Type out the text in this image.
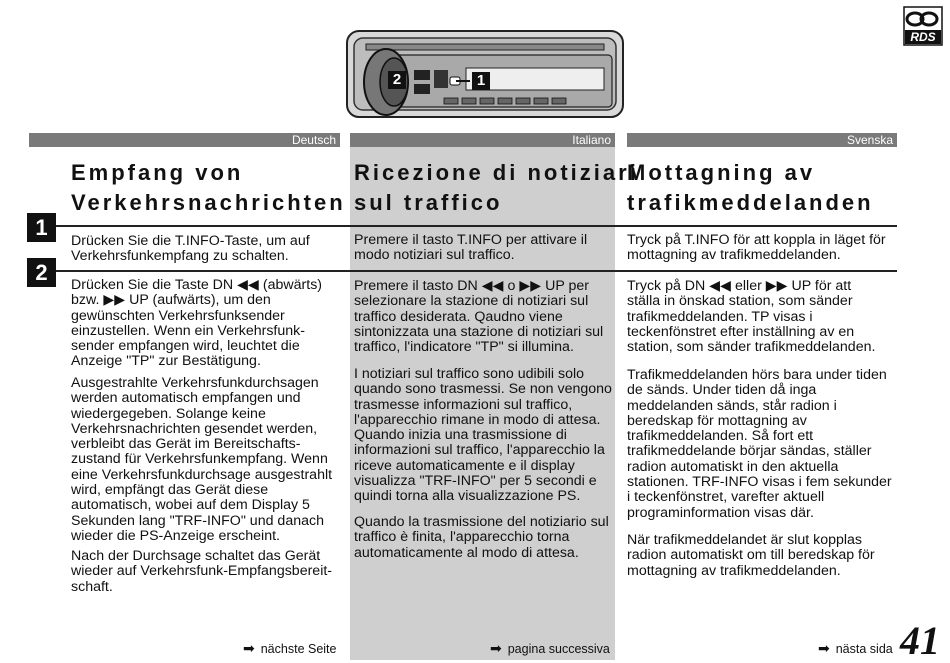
RDS
2	1
Deutsch	Italiano	Svenska
Empfang von
Verkehrsnachrichten
Ricezione di notiziari
sul traffico
Mottagning av
trafikmeddelanden
1
2
Drücken Sie die T.INFO-Taste, um auf
Verkehrsfunkempfang zu schalten.
Drücken Sie die Taste DN ◀◀ (abwärts)
bzw. ▶▶ UP (aufwärts), um den
gewünschten Verkehrsfunksender
einzustellen. Wenn ein Verkehrsfunk-
sender empfangen wird, leuchtet die
Anzeige "TP" zur Bestätigung.
Ausgestrahlte Verkehrsfunkdurchsagen
werden automatisch empfangen und
wiedergegeben. Solange keine
Verkehrsnachrichten gesendet werden,
verbleibt das Gerät im Bereitschafts-
zustand für Verkehrsfunkempfang. Wenn
eine Verkehrsfunkdurchsage ausgestrahlt
wird, empfängt das Gerät diese
automatisch, wobei auf dem Display 5
Sekunden lang "TRF-INFO" und danach
wieder die PS-Anzeige erscheint.
Nach der Durchsage schaltet das Gerät
wieder auf Verkehrsfunk-Empfangsbereit-
schaft.
Premere il tasto T.INFO per attivare il
modo notiziari sul traffico.
Premere il tasto DN ◀◀ o ▶▶ UP per
selezionare la stazione di notiziari sul
traffico desiderata. Qaudno viene
sintonizzata una stazione di notiziari sul
traffico, l'indicatore "TP" si illumina.
I notiziari sul traffico sono udibili solo
quando sono trasmessi. Se non vengono
trasmesse informazioni sul traffico,
l'apparecchio rimane in modo di attesa.
Quando inizia una trasmissione di
informazioni sul traffico, l'apparecchio la
riceve automaticamente e il display
visualizza "TRF-INFO" per 5 secondi e
quindi torna alla visualizzazione PS.
Quando la trasmissione del notiziario sul
traffico è finita, l'apparecchio torna
automaticamente al modo di attesa.
Tryck på T.INFO för att koppla in läget för
mottagning av trafikmeddelanden.
Tryck på DN ◀◀ eller ▶▶ UP för att
ställa in önskad station, som sänder
trafikmeddelanden. TP visas i
teckenfönstret efter inställning av en
station, som sänder trafikmeddelanden.
Trafikmeddelanden hörs bara under tiden
de sänds. Under tiden då inga
meddelanden sänds, står radion i
beredskap för mottagning av
trafikmeddelanden. Så fort ett
trafikmeddelande börjar sändas, ställer
radion automatiskt in den aktuella
stationen. TRF-INFO visas i fem sekunder
i teckenfönstret, varefter aktuell
programinformation visas där.
När trafikmeddelandet är slut kopplas
radion automatiskt om till beredskap för
mottagning av trafikmeddelanden.
➡ nächste Seite	➡ pagina successiva	➡ nästa sida 41
